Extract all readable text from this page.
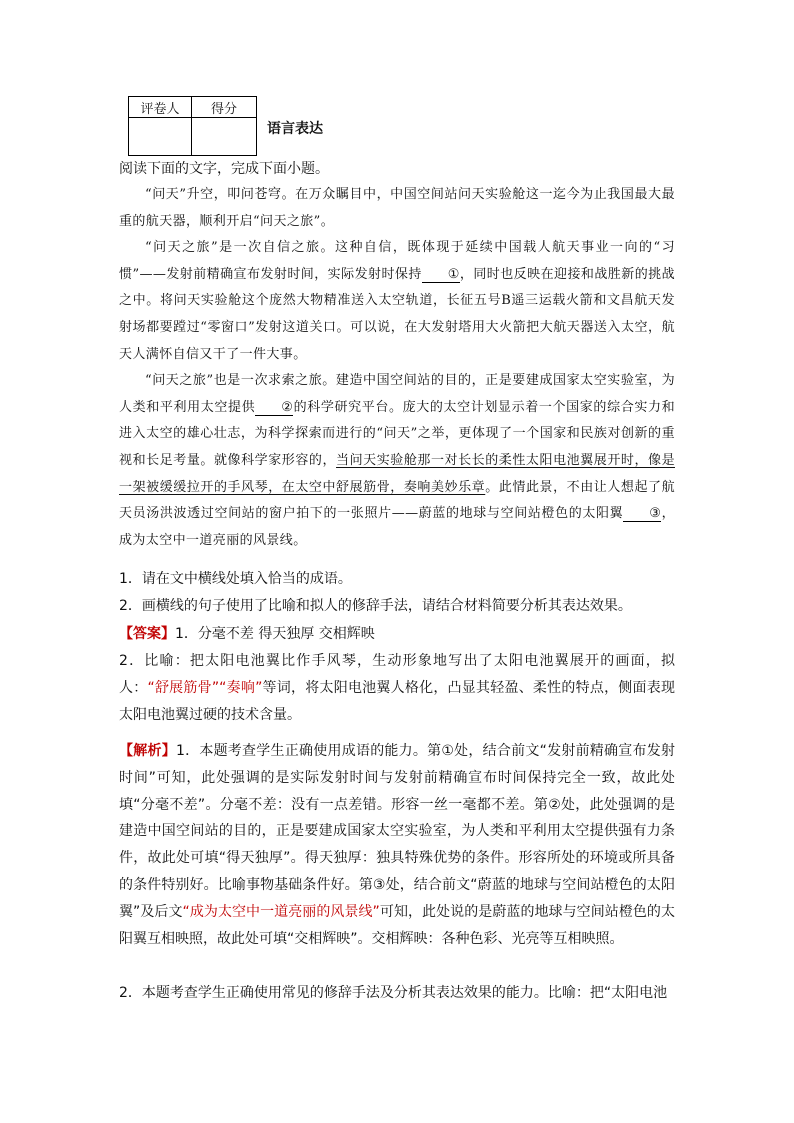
评卷人	得分

语言表达
阅读下面的文字，完成下面小题。

“问天”升空，叩问苍穹。在万众瞩目中，中国空间站问天实验舱这一迄今为止我国最大最重的航天器，顺利开启“问天之旅”。

“问天之旅”是一次自信之旅。这种自信，既体现于延续中国载人航天事业一向的“习惯”——发射前精确宣布发射时间，实际发射时保持 ①，同时也反映在迎接和战胜新的挑战之中。将问天实验舱这个庞然大物精准送入太空轨道，长征五号B遥三运载火箭和文昌航天发射场都要蹚过“零窗口”发射这道关口。可以说，在大发射塔用大火箭把大航天器送入太空，航天人满怀自信又干了一件大事。

“问天之旅”也是一次求索之旅。建造中国空间站的目的，正是要建成国家太空实验室，为人类和平利用太空提供 ②的科学研究平台。庞大的太空计划显示着一个国家的综合实力和进入太空的雄心壮志，为科学探索而进行的“问天”之举，更体现了一个国家和民族对创新的重视和长足考量。就像科学家形容的，当问天实验舱那一对长长的柔性太阳电池翼展开时，像是一架被缓缓拉开的手风琴，在太空中舒展筋骨，奏响美妙乐章。此情此景，不由让人想起了航天员汤洪波透过空间站的窗户拍下的一张照片——蔚蓝的地球与空间站橙色的太阳翼 ③，成为太空中一道亮丽的风景线。

1．请在文中横线处填入恰当的成语。
2．画横线的句子使用了比喻和拟人的修辞手法，请结合材料简要分析其表达效果。
【答案】1．分毫不差 得天独厚 交相辉映
2．比喻：把太阳电池翼比作手风琴，生动形象地写出了太阳电池翼展开的画面，拟人：“舒展筋骨”“奏响”等词，将太阳电池翼人格化，凸显其轻盈、柔性的特点，侧面表现太阳电池翼过硬的技术含量。
【解析】1．本题考查学生正确使用成语的能力。第①处，结合前文“发射前精确宣布发射时间”可知，此处强调的是实际发射时间与发射前精确宣布时间保持完全一致，故此处填“分毫不差”。分毫不差：没有一点差错。形容一丝一毫都不差。第②处，此处强调的是建造中国空间站的目的，正是要建成国家太空实验室，为人类和平利用太空提供强有力条件，故此处可填“得天独厚”。得天独厚：独具特殊优势的条件。形容所处的环境或所具备的条件特别好。比喻事物基础条件好。第③处，结合前文“蔚蓝的地球与空间站橙色的太阳翼”及后文“成为太空中一道亮丽的风景线”可知，此处说的是蔚蓝的地球与空间站橙色的太阳翼互相映照，故此处可填“交相辉映”。交相辉映：各种色彩、光亮等互相映照。
2．本题考查学生正确使用常见的修辞手法及分析其表达效果的能力。比喻：把“太阳电池
